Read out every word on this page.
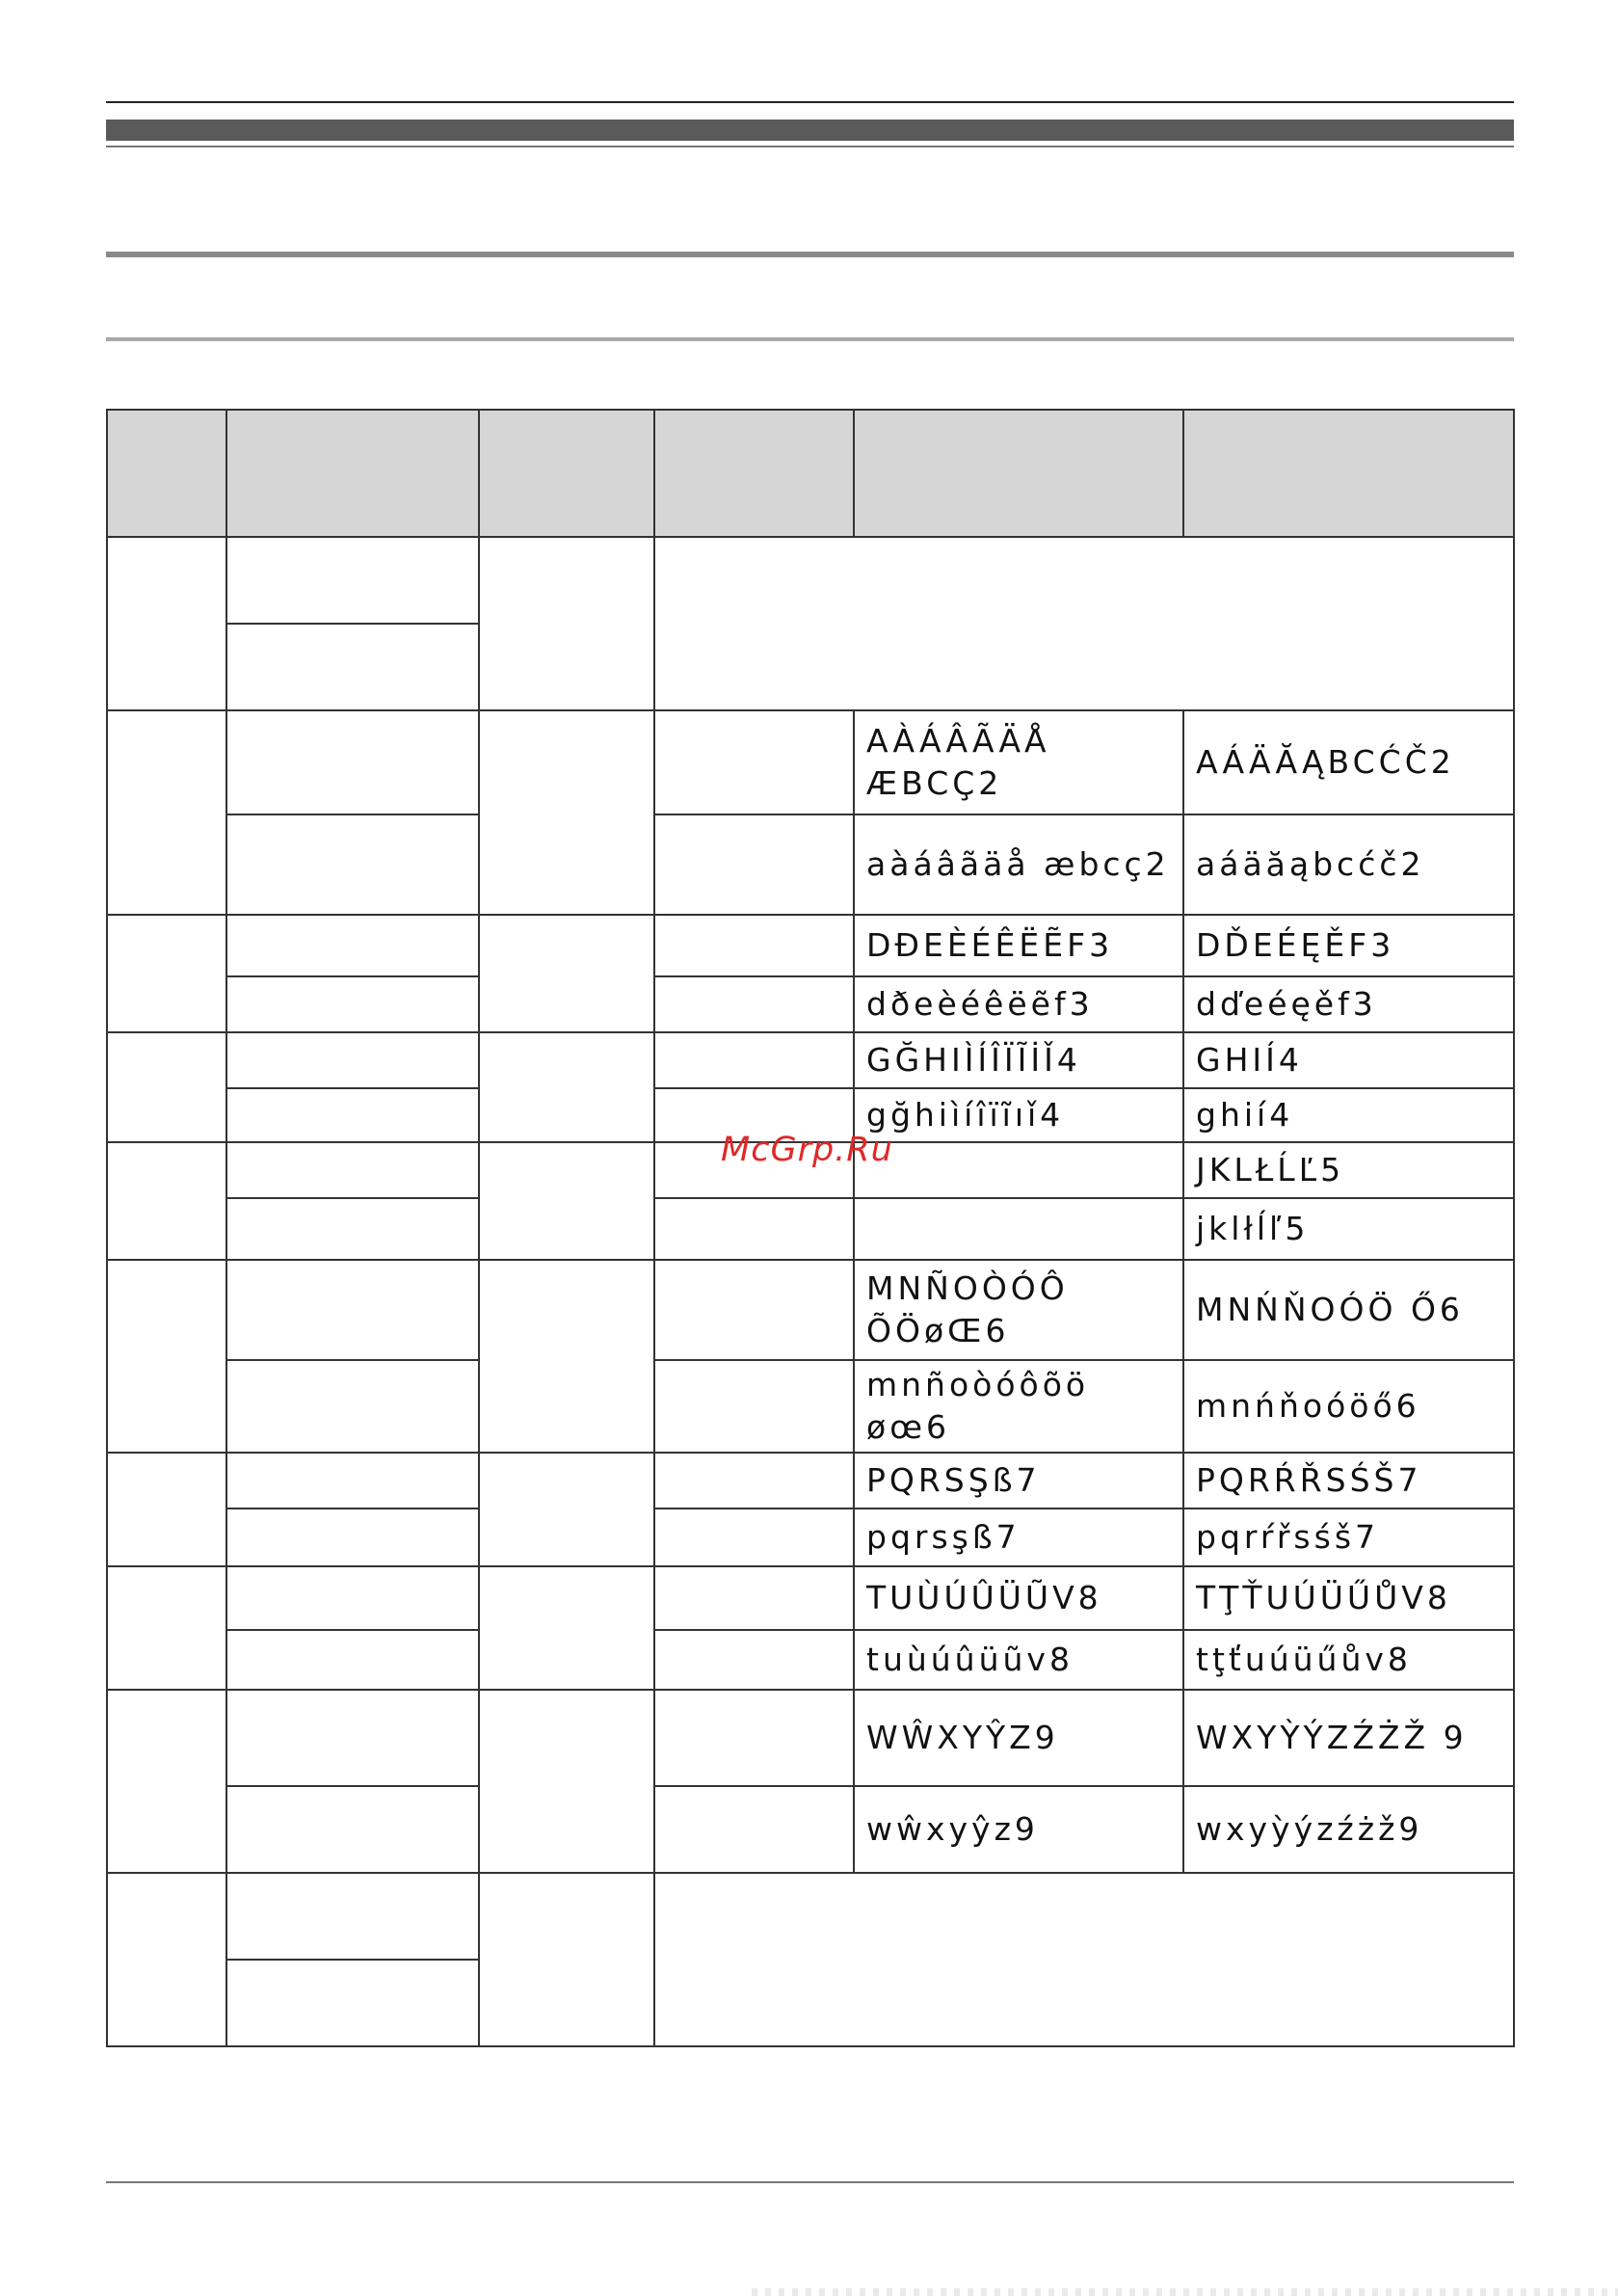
				AÀÁÂÃÄÅ ÆBCÇ2	AÁÄĂĄBCĆČ2
				aàáâãäå æbcç2	aáäăąbcćč2
				DĐEÈÉÊËẼF3	DĎEÉĘĚF3
				dðeèéêëẽf3	dďeéęěf3
				GĞHIÌÍÎÏĨİǏ4	GHIÍ4
				gğhiìíîïĩıǐ4	ghií4
					JKLŁĹĽ5
					jklłĺľ5
				MNÑOÒÓÔ ÕÖøŒ6	MNŃŇOÓÖ Ő6
				mnñoòóôõö øœ6	mnńňoóöő6
				PQRSŞß7	PQRŔŘSŚŠ7
				pqrsşß7	pqrŕřsśš7
				TUÙÚÛÜŨV8	TŢŤUÚÜŰŮV8
				tuùúûüũv8	tţťuúüűův8
				WŴXYŶZ9	WXYỲÝZŹŻŽ 9
				wŵxyŷz9	wxyỳýzźżž9

McGrp.Ru
